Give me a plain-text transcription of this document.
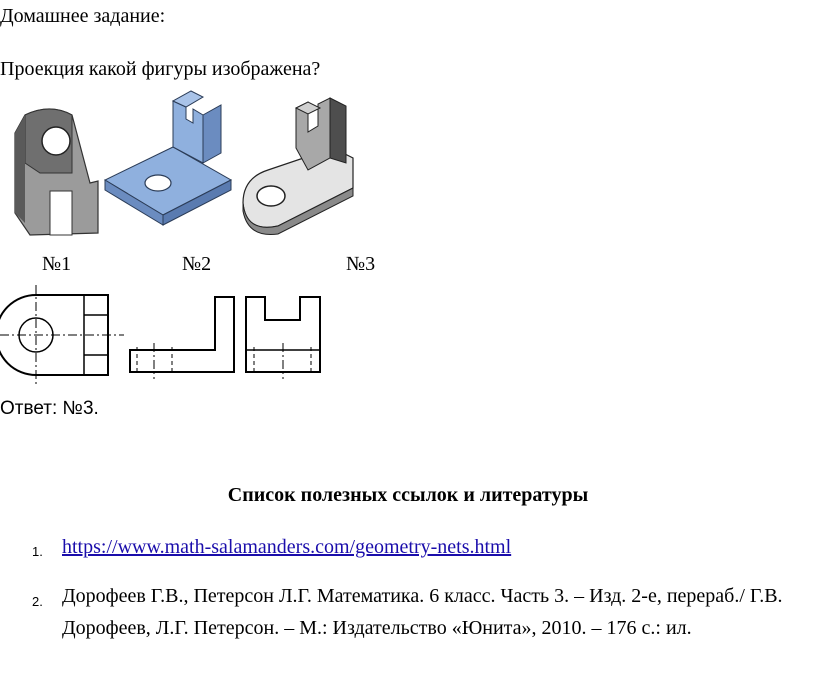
Домашнее задание:
Проекция какой фигуры изображена?
№1	№2	№3
Ответ: №3.
Список полезных ссылок и литературы
1. https://www.math-salamanders.com/geometry-nets.html
2. Дорофеев Г.В., Петерсон Л.Г. Математика. 6 класс. Часть 3. – Изд. 2-е, перераб./ Г.В. Дорофеев, Л.Г. Петерсон. – М.: Издательство «Юнита», 2010. – 176 с.: ил.
